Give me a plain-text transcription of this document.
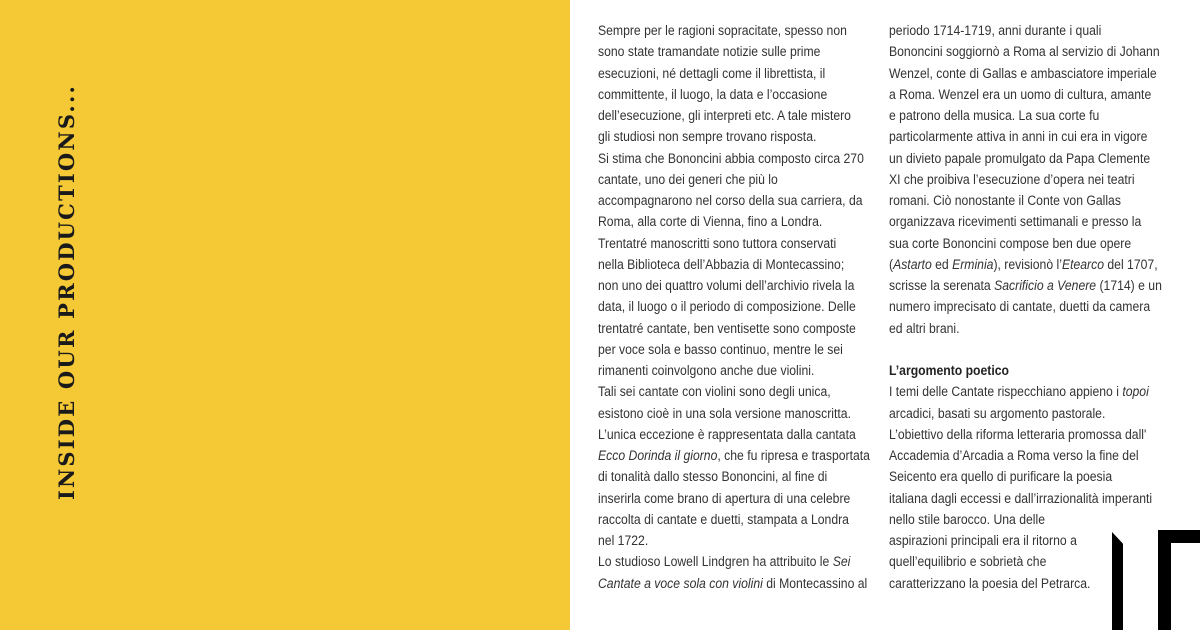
INSIDE OUR PRODUCTIONS...
Sempre per le ragioni sopracitate, spesso non
sono state tramandate notizie sulle prime
esecuzioni, né dettagli come il librettista, il
committente, il luogo, la data e l’occasione
dell’esecuzione, gli interpreti etc. A tale mistero
gli studiosi non sempre trovano risposta.
Si stima che Bononcini abbia composto circa 270
cantate, uno dei generi che più lo
accompagnarono nel corso della sua carriera, da
Roma, alla corte di Vienna, fino a Londra.
Trentatré manoscritti sono tuttora conservati
nella Biblioteca dell’Abbazia di Montecassino;
non uno dei quattro volumi dell’archivio rivela la
data, il luogo o il periodo di composizione. Delle
trentatré cantate, ben ventisette sono composte
per voce sola e basso continuo, mentre le sei
rimanenti coinvolgono anche due violini.
Tali sei cantate con violini sono degli unica,
esistono cioè in una sola versione manoscritta.
L’unica eccezione è rappresentata dalla cantata
Ecco Dorinda il giorno, che fu ripresa e trasportata
di tonalità dallo stesso Bononcini, al fine di
inserirla come brano di apertura di una celebre
raccolta di cantate e duetti, stampata a Londra
nel 1722.
Lo studioso Lowell Lindgren ha attribuito le Sei
Cantate a voce sola con violini di Montecassino al
periodo 1714-1719, anni durante i quali
Bononcini soggiornò a Roma al servizio di Johann
Wenzel, conte di Gallas e ambasciatore imperiale
a Roma. Wenzel era un uomo di cultura, amante
e patrono della musica. La sua corte fu
particolarmente attiva in anni in cui era in vigore
un divieto papale promulgato da Papa Clemente
XI che proibiva l’esecuzione d’opera nei teatri
romani. Ciò nonostante il Conte von Gallas
organizzava ricevimenti settimanali e presso la
sua corte Bononcini compose ben due opere
(Astarto ed Erminia), revisionò l’Etearco del 1707,
scrisse la serenata Sacrificio a Venere (1714) e un
numero imprecisato di cantate, duetti da camera
ed altri brani.
L’argomento poetico
I temi delle Cantate rispecchiano appieno i topoi
arcadici, basati su argomento pastorale.
L’obiettivo della riforma letteraria promossa dall'
Accademia d’Arcadia a Roma verso la fine del
Seicento era quello di purificare la poesia
italiana dagli eccessi e dall’irrazionalità imperanti
nello stile barocco. Una delle
aspirazioni principali era il ritorno a
quell’equilibrio e sobrietà che
caratterizzano la poesia del Petrarca.
